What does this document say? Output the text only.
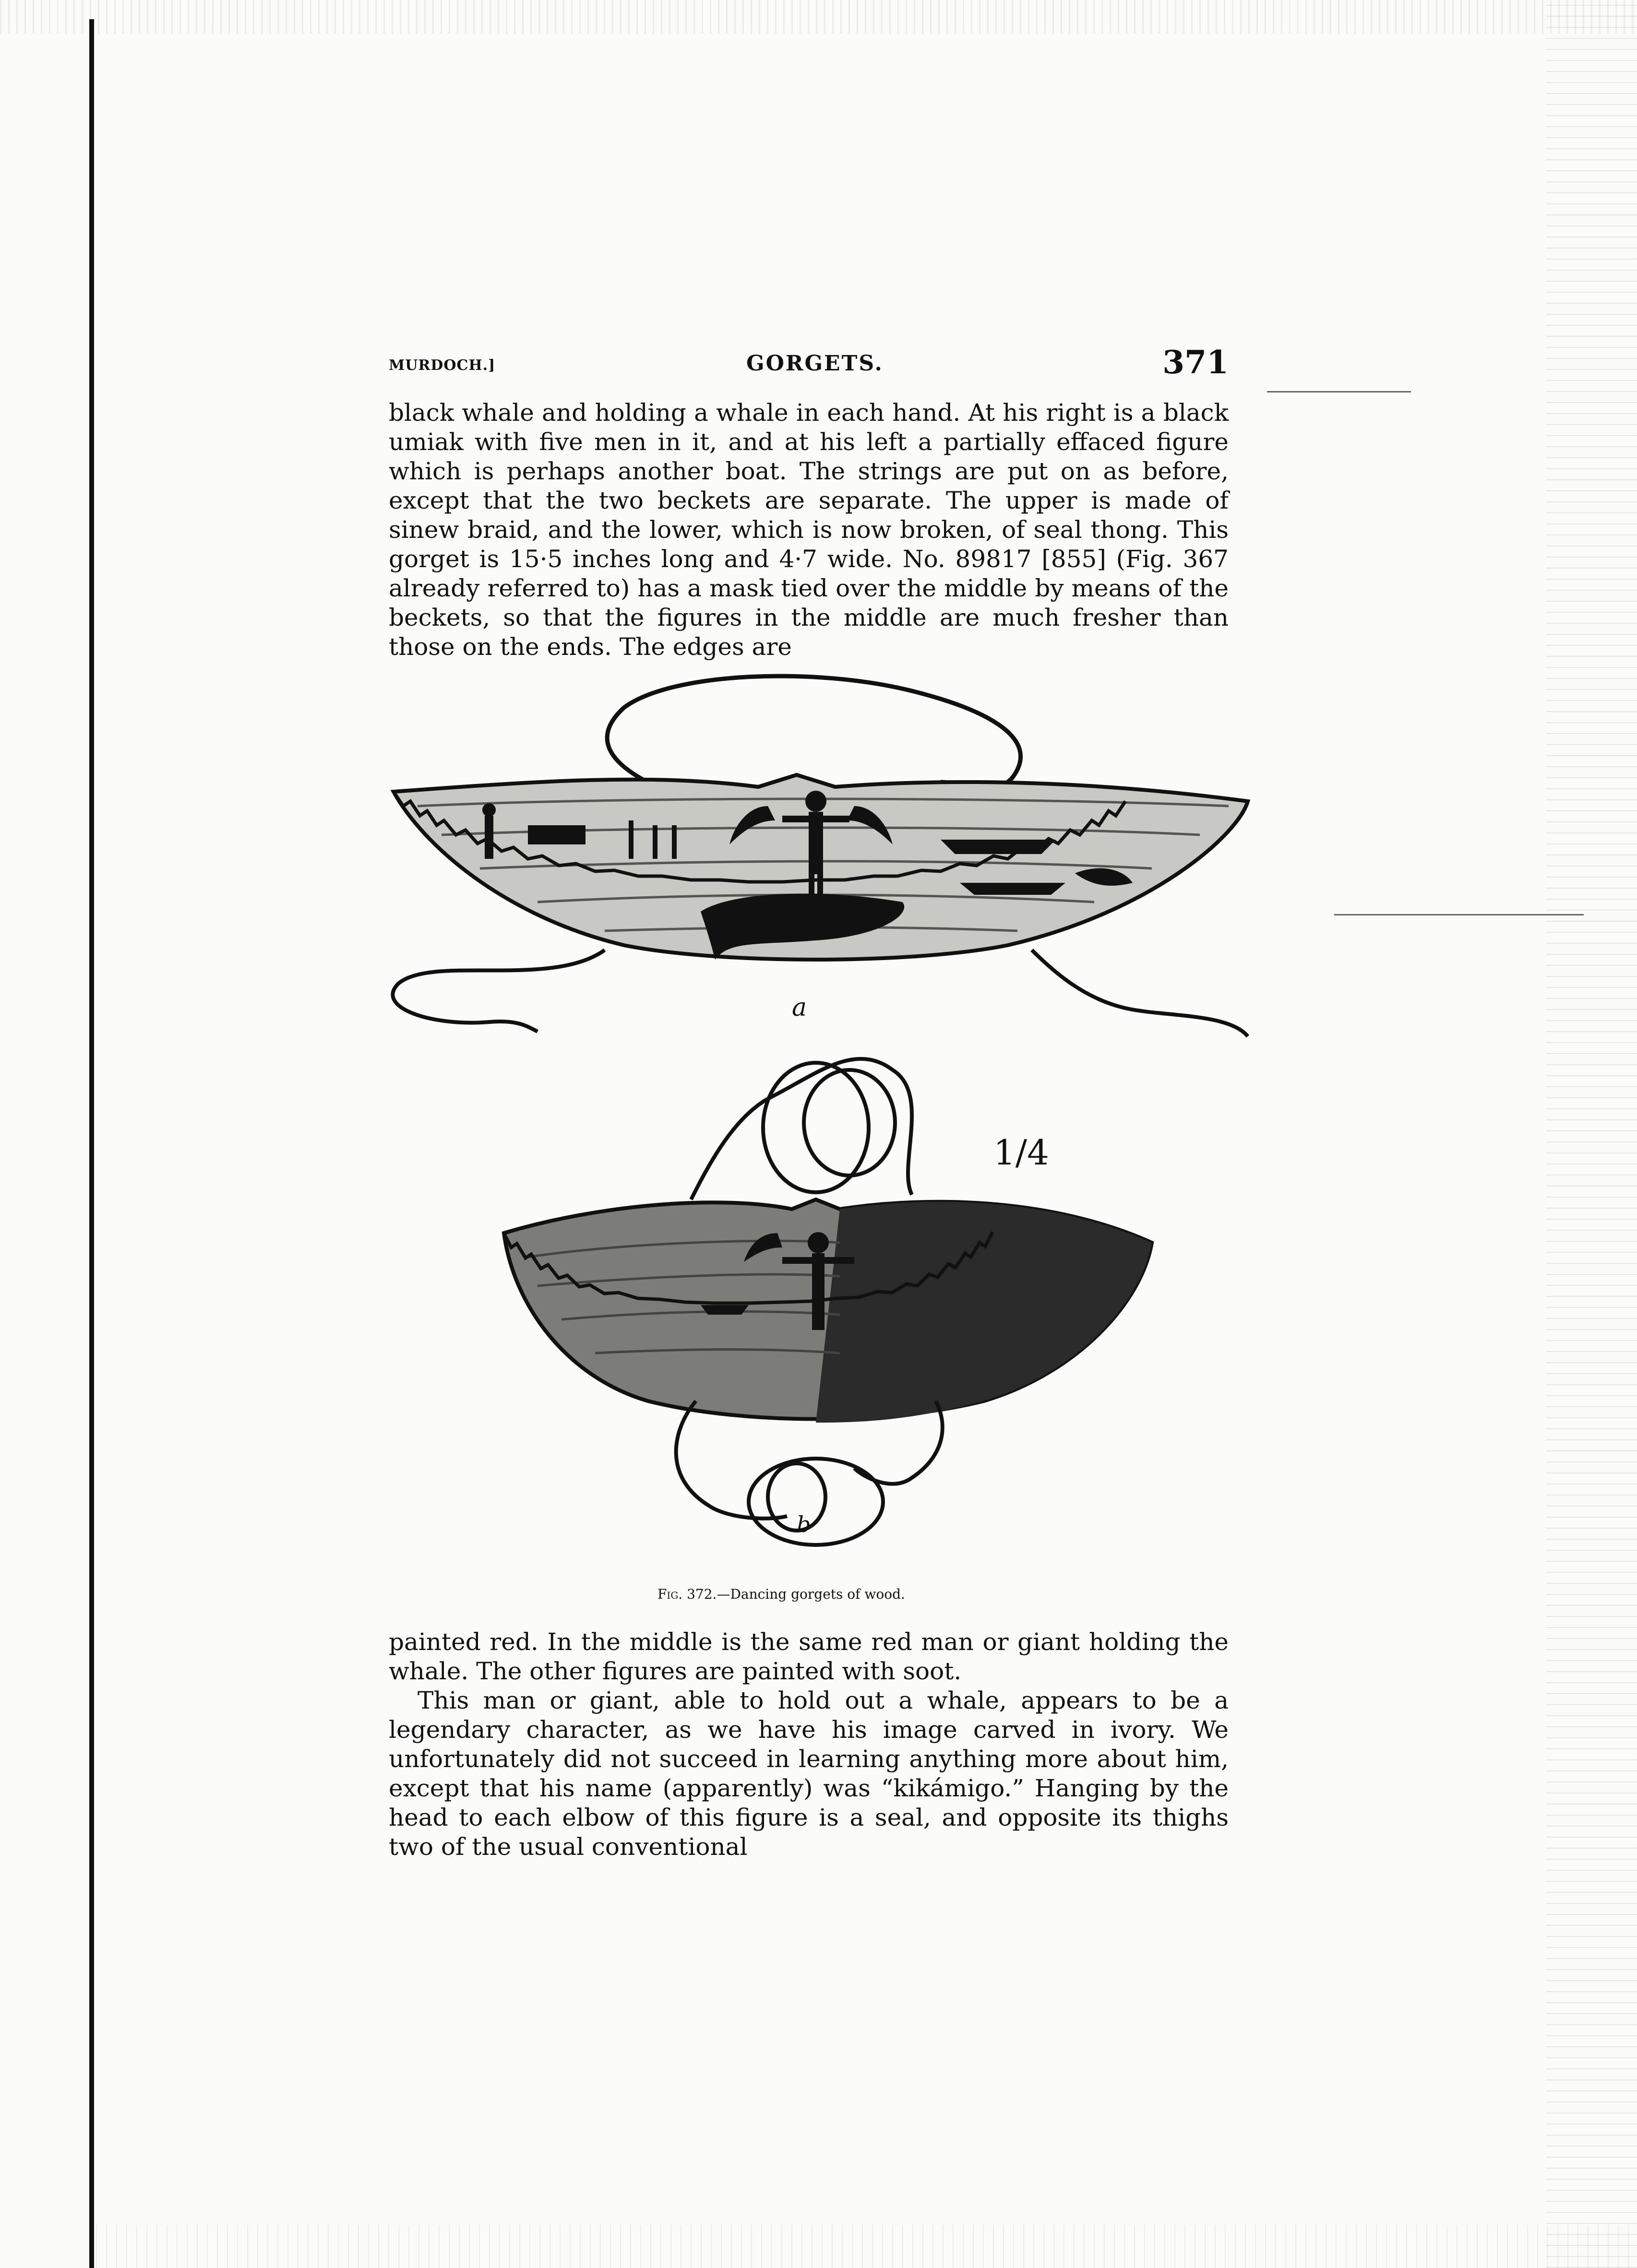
MURDOCH.]	GORGETS.	371

black whale and holding a whale in each hand. At his right is a black umiak with five men in it, and at his left a partially effaced figure which is perhaps another boat. The strings are put on as before, except that the two beckets are separate. The upper is made of sinew braid, and the lower, which is now broken, of seal thong. This gorget is 15·5 inches long and 4·7 wide. No. 89817 [855] (Fig. 367 already referred to) has a mask tied over the middle by means of the beckets, so that the figures in the middle are much fresher than those on the ends. The edges are

a
b
1/4
Fig. 372.—Dancing gorgets of wood.

painted red. In the middle is the same red man or giant holding the whale. The other figures are painted with soot.

This man or giant, able to hold out a whale, appears to be a legendary character, as we have his image carved in ivory. We unfortunately did not succeed in learning anything more about him, except that his name (apparently) was “kikámigo.” Hanging by the head to each elbow of this figure is a seal, and opposite its thighs two of the usual conventional
